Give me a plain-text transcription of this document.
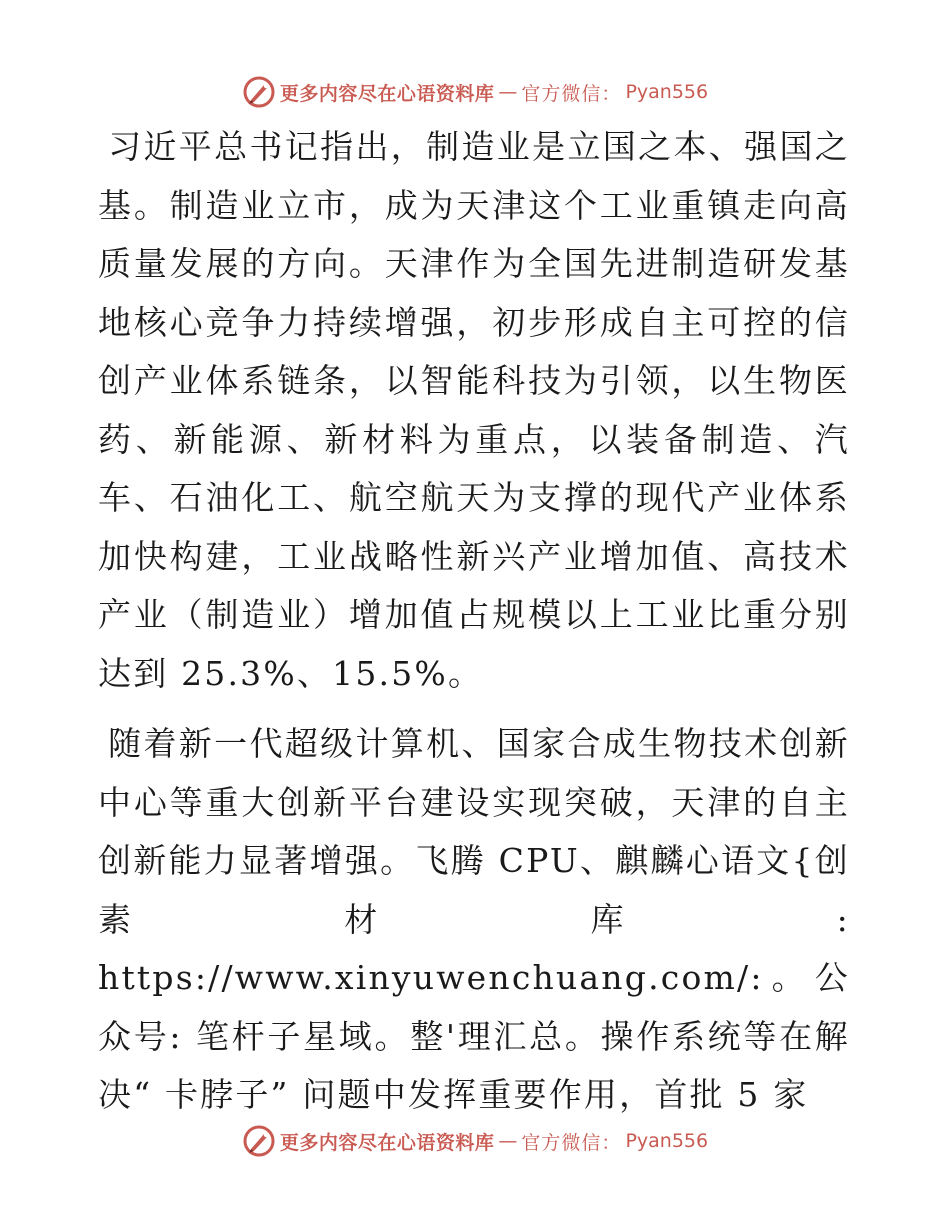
更多内容尽在心语资料库 — 官方微信： Pyan556

习近平总书记指出，制造业是立国之本、强国之基。制造业立市，成为天津这个工业重镇走向高质量发展的方向。天津作为全国先进制造研发基地核心竞争力持续增强，初步形成自主可控的信创产业体系链条，以智能科技为引领，以生物医药、新能源、新材料为重点，以装备制造、汽车、石油化工、航空航天为支撑的现代产业体系加快构建，工业战略性新兴产业增加值、高技术产业（制造业）增加值占规模以上工业比重分别达到 25.3%、15.5%。

随着新一代超级计算机、国家合成生物技术创新中心等重大创新平台建设实现突破，天津的自主创新能力显著增强。飞腾 CPU、麒麟心语文{创素材库: https://www.xinyuwenchuang.com/:。公众号: 笔杆子星域。整'理汇总。操作系统等在解决“ 卡脖子” 问题中发挥重要作用，首批 5 家

更多内容尽在心语资料库 — 官方微信： Pyan556
